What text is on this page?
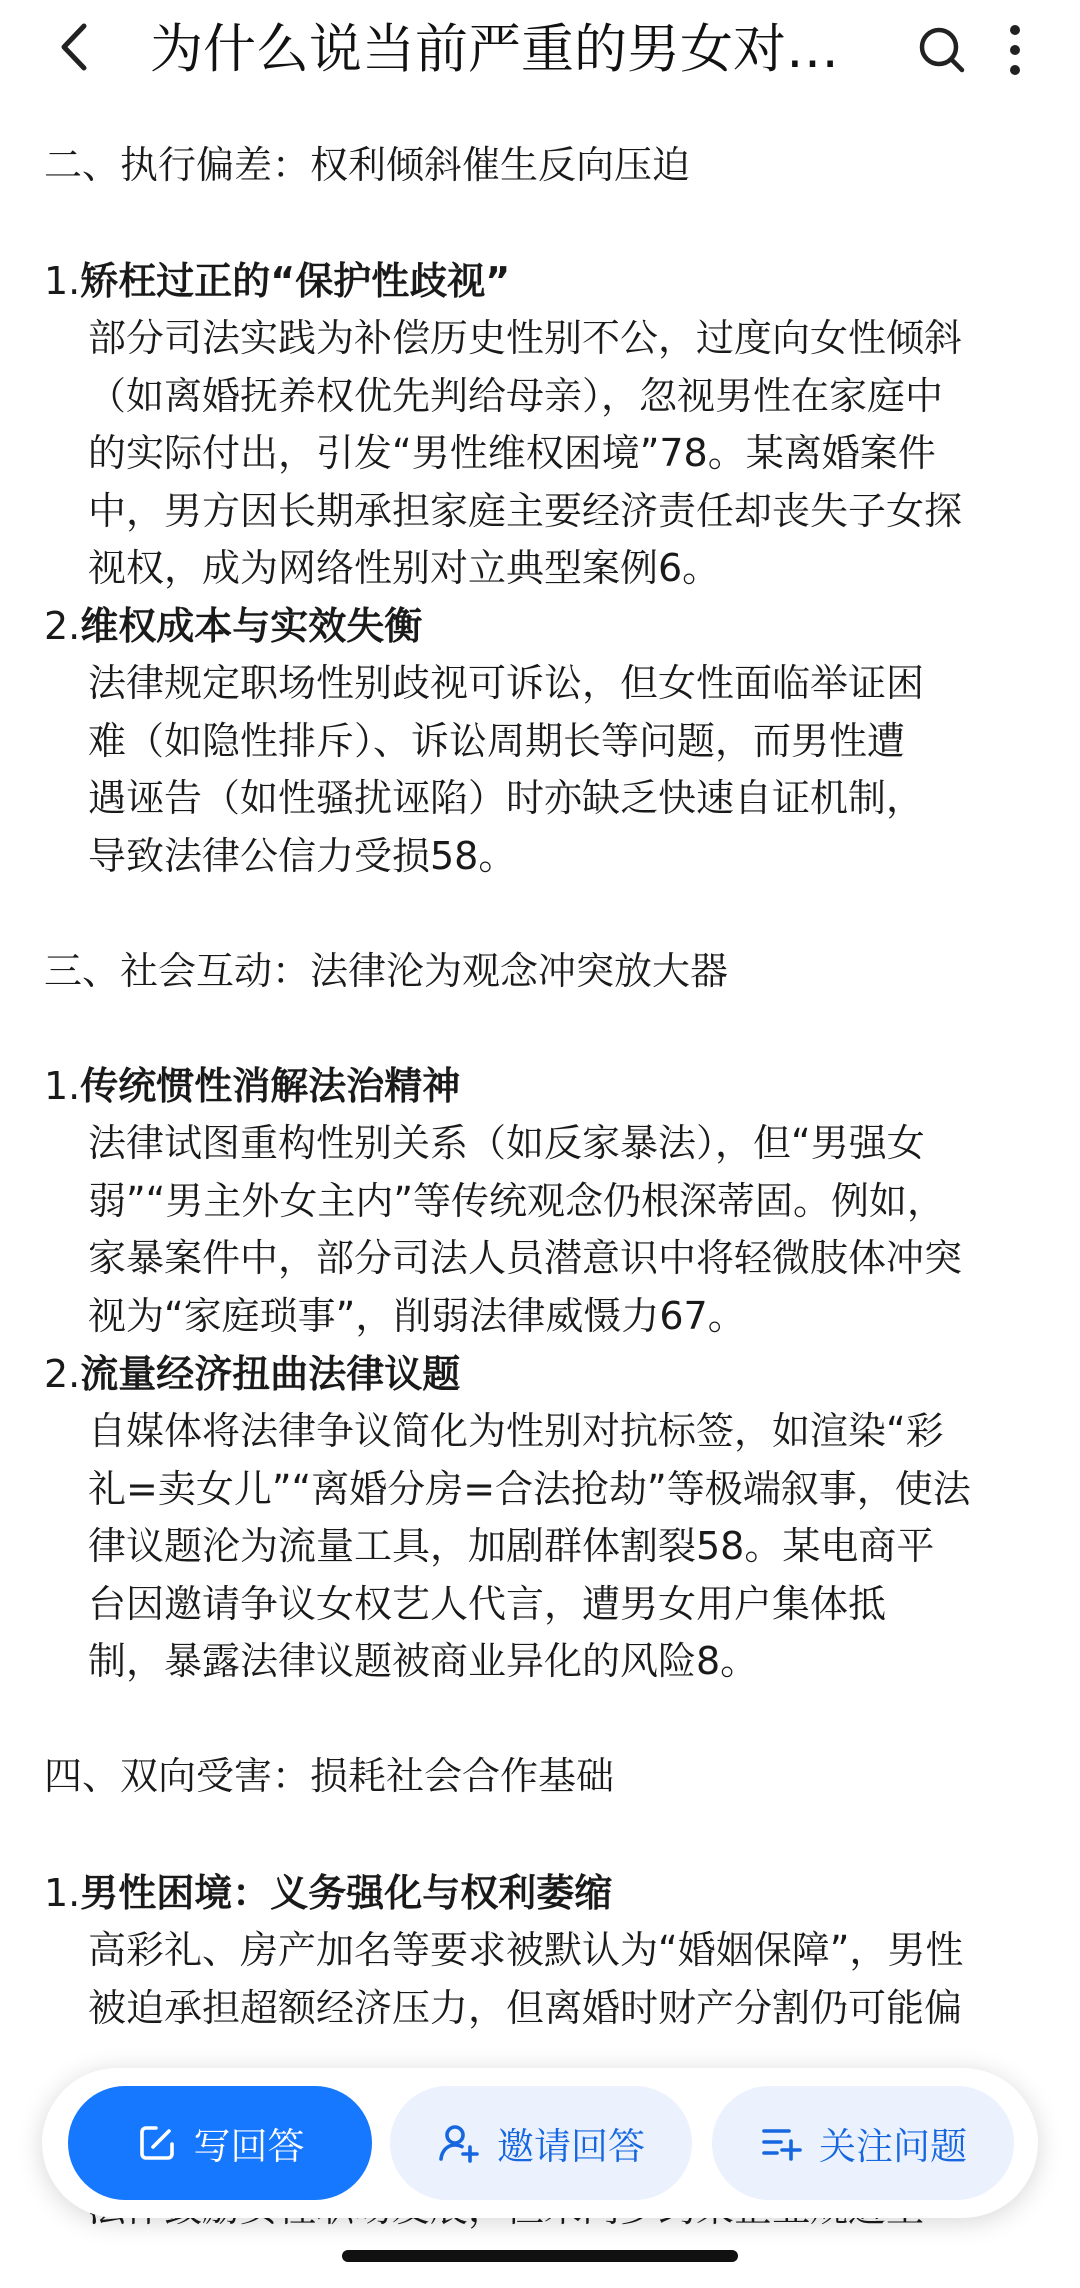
为什么说当前严重的男女对…
二、执行偏差：权利倾斜催生反向压迫
1.矫枉过正的“保护性歧视”
部分司法实践为补偿历史性别不公，过度向女性倾斜
（如离婚抚养权优先判给母亲），忽视男性在家庭中
的实际付出，引发“男性维权困境”78。某离婚案件
中，男方因长期承担家庭主要经济责任却丧失子女探
视权，成为网络性别对立典型案例6。
2.维权成本与实效失衡
法律规定职场性别歧视可诉讼，但女性面临举证困
难（如隐性排斥）、诉讼周期长等问题，而男性遭
遇诬告（如性骚扰诬陷）时亦缺乏快速自证机制，
导致法律公信力受损58。
三、社会互动：法律沦为观念冲突放大器
1.传统惯性消解法治精神
法律试图重构性别关系（如反家暴法），但“男强女
弱”“男主外女主内”等传统观念仍根深蒂固。例如，
家暴案件中，部分司法人员潜意识中将轻微肢体冲突
视为“家庭琐事”，削弱法律威慑力67。
2.流量经济扭曲法律议题
自媒体将法律争议简化为性别对抗标签，如渲染“彩
礼=卖女儿”“离婚分房=合法抢劫”等极端叙事，使法
律议题沦为流量工具，加剧群体割裂58。某电商平
台因邀请争议女权艺人代言，遭男女用户集体抵
制，暴露法律议题被商业异化的风险8。
四、双向受害：损耗社会合作基础
1.男性困境：义务强化与权利萎缩
高彩礼、房产加名等要求被默认为“婚姻保障”，男性
被迫承担超额经济压力，但离婚时财产分割仍可能偏
写回答	邀请回答	关注问题
